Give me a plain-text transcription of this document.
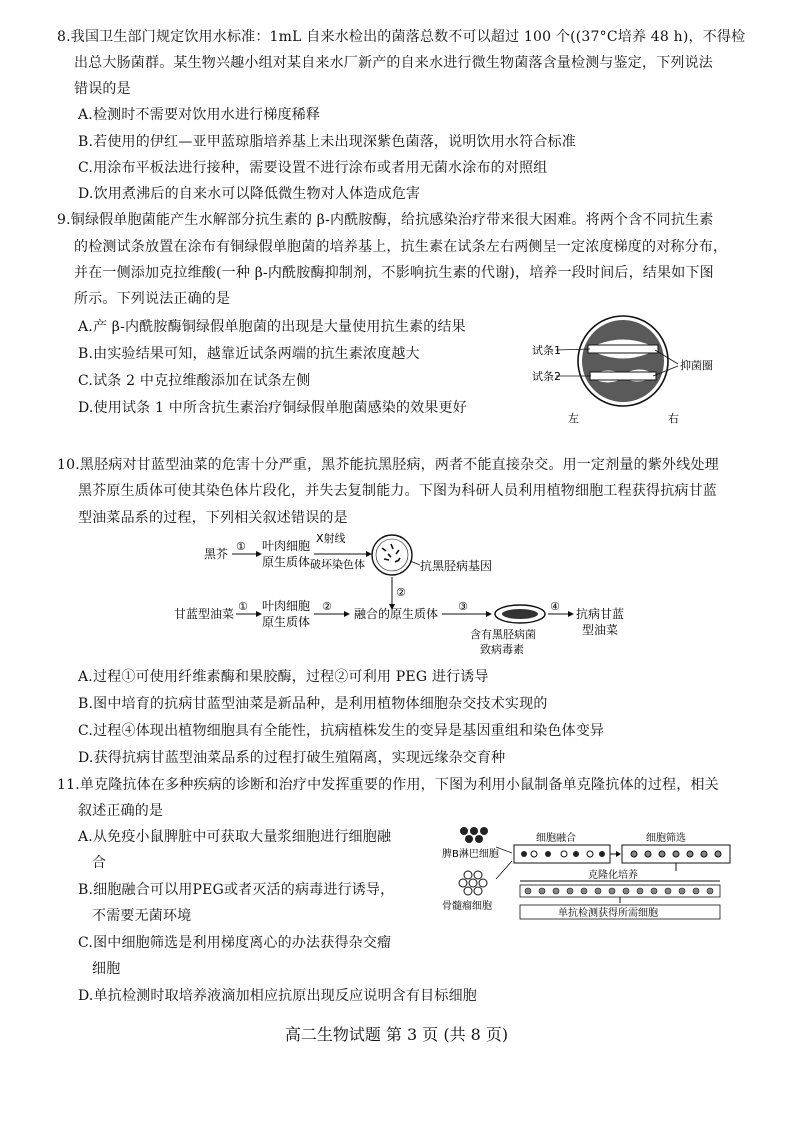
8.我国卫生部门规定饮用水标准：1mL 自来水检出的菌落总数不可以超过 100 个((37°C培养 48 h)，不得检
出总大肠菌群。某生物兴趣小组对某自来水厂新产的自来水进行微生物菌落含量检测与鉴定，下列说法
错误的是
A.检测时不需要对饮用水进行梯度稀释
B.若使用的伊红—亚甲蓝琼脂培养基上未出现深紫色菌落，说明饮用水符合标准
C.用涂布平板法进行接种，需要设置不进行涂布或者用无菌水涂布的对照组
D.饮用煮沸后的自来水可以降低微生物对人体造成危害
9.铜绿假单胞菌能产生水解部分抗生素的 β-内酰胺酶，给抗感染治疗带来很大困难。将两个含不同抗生素
的检测试条放置在涂布有铜绿假单胞菌的培养基上，抗生素在试条左右两侧呈一定浓度梯度的对称分布，
并在一侧添加克拉维酸(一种 β-内酰胺酶抑制剂，不影响抗生素的代谢)，培养一段时间后，结果如下图
所示。下列说法正确的是
A.产 β-内酰胺酶铜绿假单胞菌的出现是大量使用抗生素的结果
B.由实验结果可知，越靠近试条两端的抗生素浓度越大
C.试条 2 中克拉维酸添加在试条左侧
D.使用试条 1 中所含抗生素治疗铜绿假单胞菌感染的效果更好
试条1
试条2
抑菌圈
左	右
10.黑胫病对甘蓝型油菜的危害十分严重，黑芥能抗黑胫病，两者不能直接杂交。用一定剂量的紫外线处理
黑芥原生质体可使其染色体片段化，并失去复制能力。下图为科研人员利用植物细胞工程获得抗病甘蓝
型油菜品系的过程，下列相关叙述错误的是
黑芥
① 叶肉细胞
原生质体
X射线
破坏染色体	抗黑胫病基因
②
甘蓝型油菜
① 叶肉细胞
原生质体
②
融合的原生质体
③
含有黑胫病菌
致病毒素
④
抗病甘蓝
型油菜
A.过程①可使用纤维素酶和果胶酶，过程②可利用 PEG 进行诱导
B.图中培育的抗病甘蓝型油菜是新品种，是利用植物体细胞杂交技术实现的
C.过程④体现出植物细胞具有全能性，抗病植株发生的变异是基因重组和染色体变异
D.获得抗病甘蓝型油菜品系的过程打破生殖隔离，实现远缘杂交育种
11.单克隆抗体在多种疾病的诊断和治疗中发挥重要的作用，下图为利用小鼠制备单克隆抗体的过程，相关
叙述正确的是
A.从免疫小鼠脾脏中可获取大量浆细胞进行细胞融
合
B.细胞融合可以用PEG或者灭活的病毒进行诱导，
不需要无菌环境
C.图中细胞筛选是利用梯度离心的办法获得杂交瘤
细胞
D.单抗检测时取培养液滴加相应抗原出现反应说明含有目标细胞
脾B淋巴细胞
骨髓瘤细胞
细胞融合	细胞筛选
克隆化培养
单抗检测获得所需细胞
高二生物试题 第 3 页 (共 8 页)
